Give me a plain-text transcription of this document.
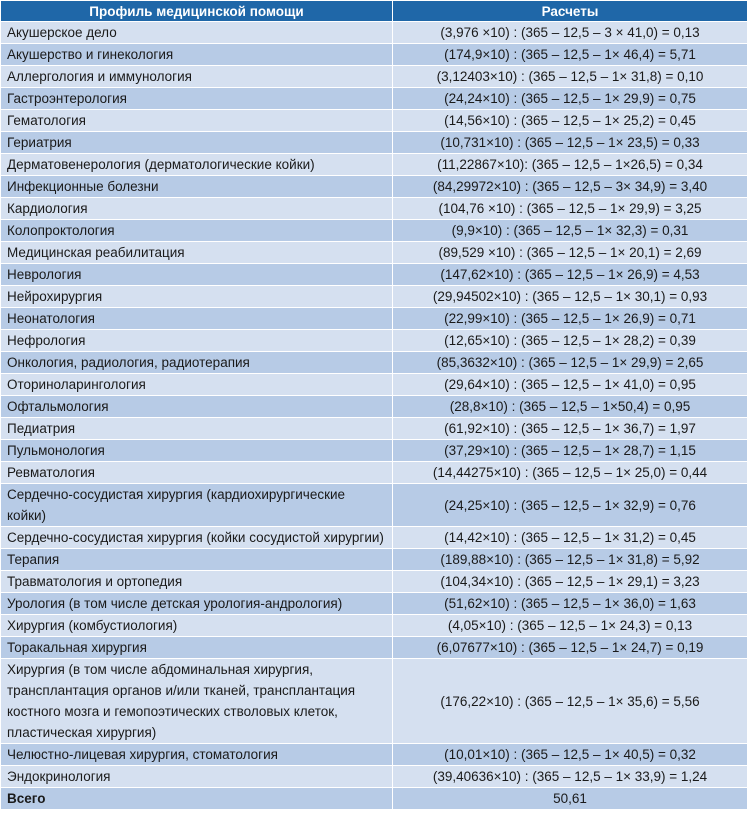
Профиль медицинской помощи	Расчеты
Акушерское дело	(3,976 ×10) : (365 – 12,5 – 3 × 41,0) = 0,13
Акушерство и гинекология	(174,9×10) : (365 – 12,5 – 1× 46,4) = 5,71
Аллергология и иммунология	(3,12403×10) : (365 – 12,5 – 1× 31,8) = 0,10
Гастроэнтерология	(24,24×10) : (365 – 12,5 – 1× 29,9) = 0,75
Гематология	(14,56×10) : (365 – 12,5 – 1× 25,2) = 0,45
Гериатрия	(10,731×10) : (365 – 12,5 – 1× 23,5) = 0,33
Дерматовенерология (дерматологические койки)	(11,22867×10): (365 – 12,5 – 1×26,5) = 0,34
Инфекционные болезни	(84,29972×10) : (365 – 12,5 – 3× 34,9) = 3,40
Кардиология	(104,76 ×10) : (365 – 12,5 – 1× 29,9) = 3,25
Колопроктология	(9,9×10) : (365 – 12,5 – 1× 32,3) = 0,31
Медицинская реабилитация	(89,529 ×10) : (365 – 12,5 – 1× 20,1) = 2,69
Неврология	(147,62×10) : (365 – 12,5 – 1× 26,9) = 4,53
Нейрохирургия	(29,94502×10) : (365 – 12,5 – 1× 30,1) = 0,93
Неонатология	(22,99×10) : (365 – 12,5 – 1× 26,9) = 0,71
Нефрология	(12,65×10) : (365 – 12,5 – 1× 28,2) = 0,39
Онкология, радиология, радиотерапия	(85,3632×10) : (365 – 12,5 – 1× 29,9) = 2,65
Оториноларингология	(29,64×10) : (365 – 12,5 – 1× 41,0) = 0,95
Офтальмология	(28,8×10) : (365 – 12,5 – 1×50,4) = 0,95
Педиатрия	(61,92×10) : (365 – 12,5 – 1× 36,7) = 1,97
Пульмонология	(37,29×10) : (365 – 12,5 – 1× 28,7) = 1,15
Ревматология	(14,44275×10) : (365 – 12,5 – 1× 25,0) = 0,44
Сердечно-сосудистая хирургия (кардиохирургические койки)	(24,25×10) : (365 – 12,5 – 1× 32,9) = 0,76
Сердечно-сосудистая хирургия (койки сосудистой хирургии)	(14,42×10) : (365 – 12,5 – 1× 31,2) = 0,45
Терапия	(189,88×10) : (365 – 12,5 – 1× 31,8) = 5,92
Травматология и ортопедия	(104,34×10) : (365 – 12,5 – 1× 29,1) = 3,23
Урология (в том числе детская урология-андрология)	(51,62×10) : (365 – 12,5 – 1× 36,0) = 1,63
Хирургия (комбустиология)	(4,05×10) : (365 – 12,5 – 1× 24,3) = 0,13
Торакальная хирургия	(6,07677×10) : (365 – 12,5 – 1× 24,7) = 0,19
Хирургия (в том числе абдоминальная хирургия, трансплантация органов и/или тканей, трансплантация костного мозга и гемопоэтических стволовых клеток, пластическая хирургия)	(176,22×10) : (365 – 12,5 – 1× 35,6) = 5,56
Челюстно-лицевая хирургия, стоматология	(10,01×10) : (365 – 12,5 – 1× 40,5) = 0,32
Эндокринология	(39,40636×10) : (365 – 12,5 – 1× 33,9) = 1,24
Всего	50,61
